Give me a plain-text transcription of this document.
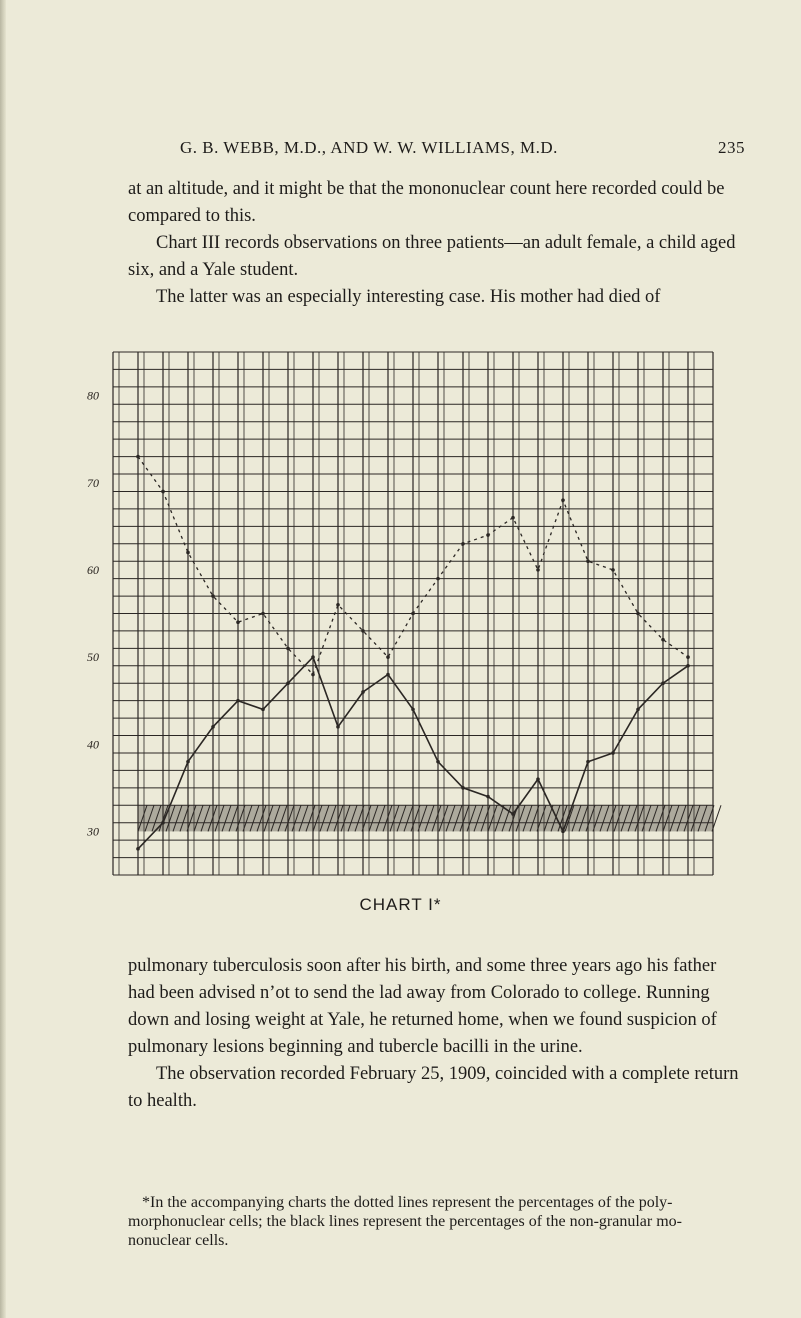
G. B. WEBB, M.D., AND W. W. WILLIAMS, M.D.	235

at an altitude, and it might be that the mononuclear count here recorded could be compared to this.

Chart III records observations on three patients—an adult female, a child aged six, and a Yale student.

The latter was an especially interesting case. His mother had died of

80
70
60
50
40
30
CHART I*

pulmonary tuberculosis soon after his birth, and some three years ago his father had been advised n’ot to send the lad away from Colorado to college. Running down and losing weight at Yale, he returned home, when we found suspicion of pulmonary lesions beginning and tubercle bacilli in the urine.

The observation recorded February 25, 1909, coincided with a complete return to health.

*In the accompanying charts the dotted lines represent the percentages of the poly-morphonuclear cells; the black lines represent the percentages of the non-granular mo-nonuclear cells.
